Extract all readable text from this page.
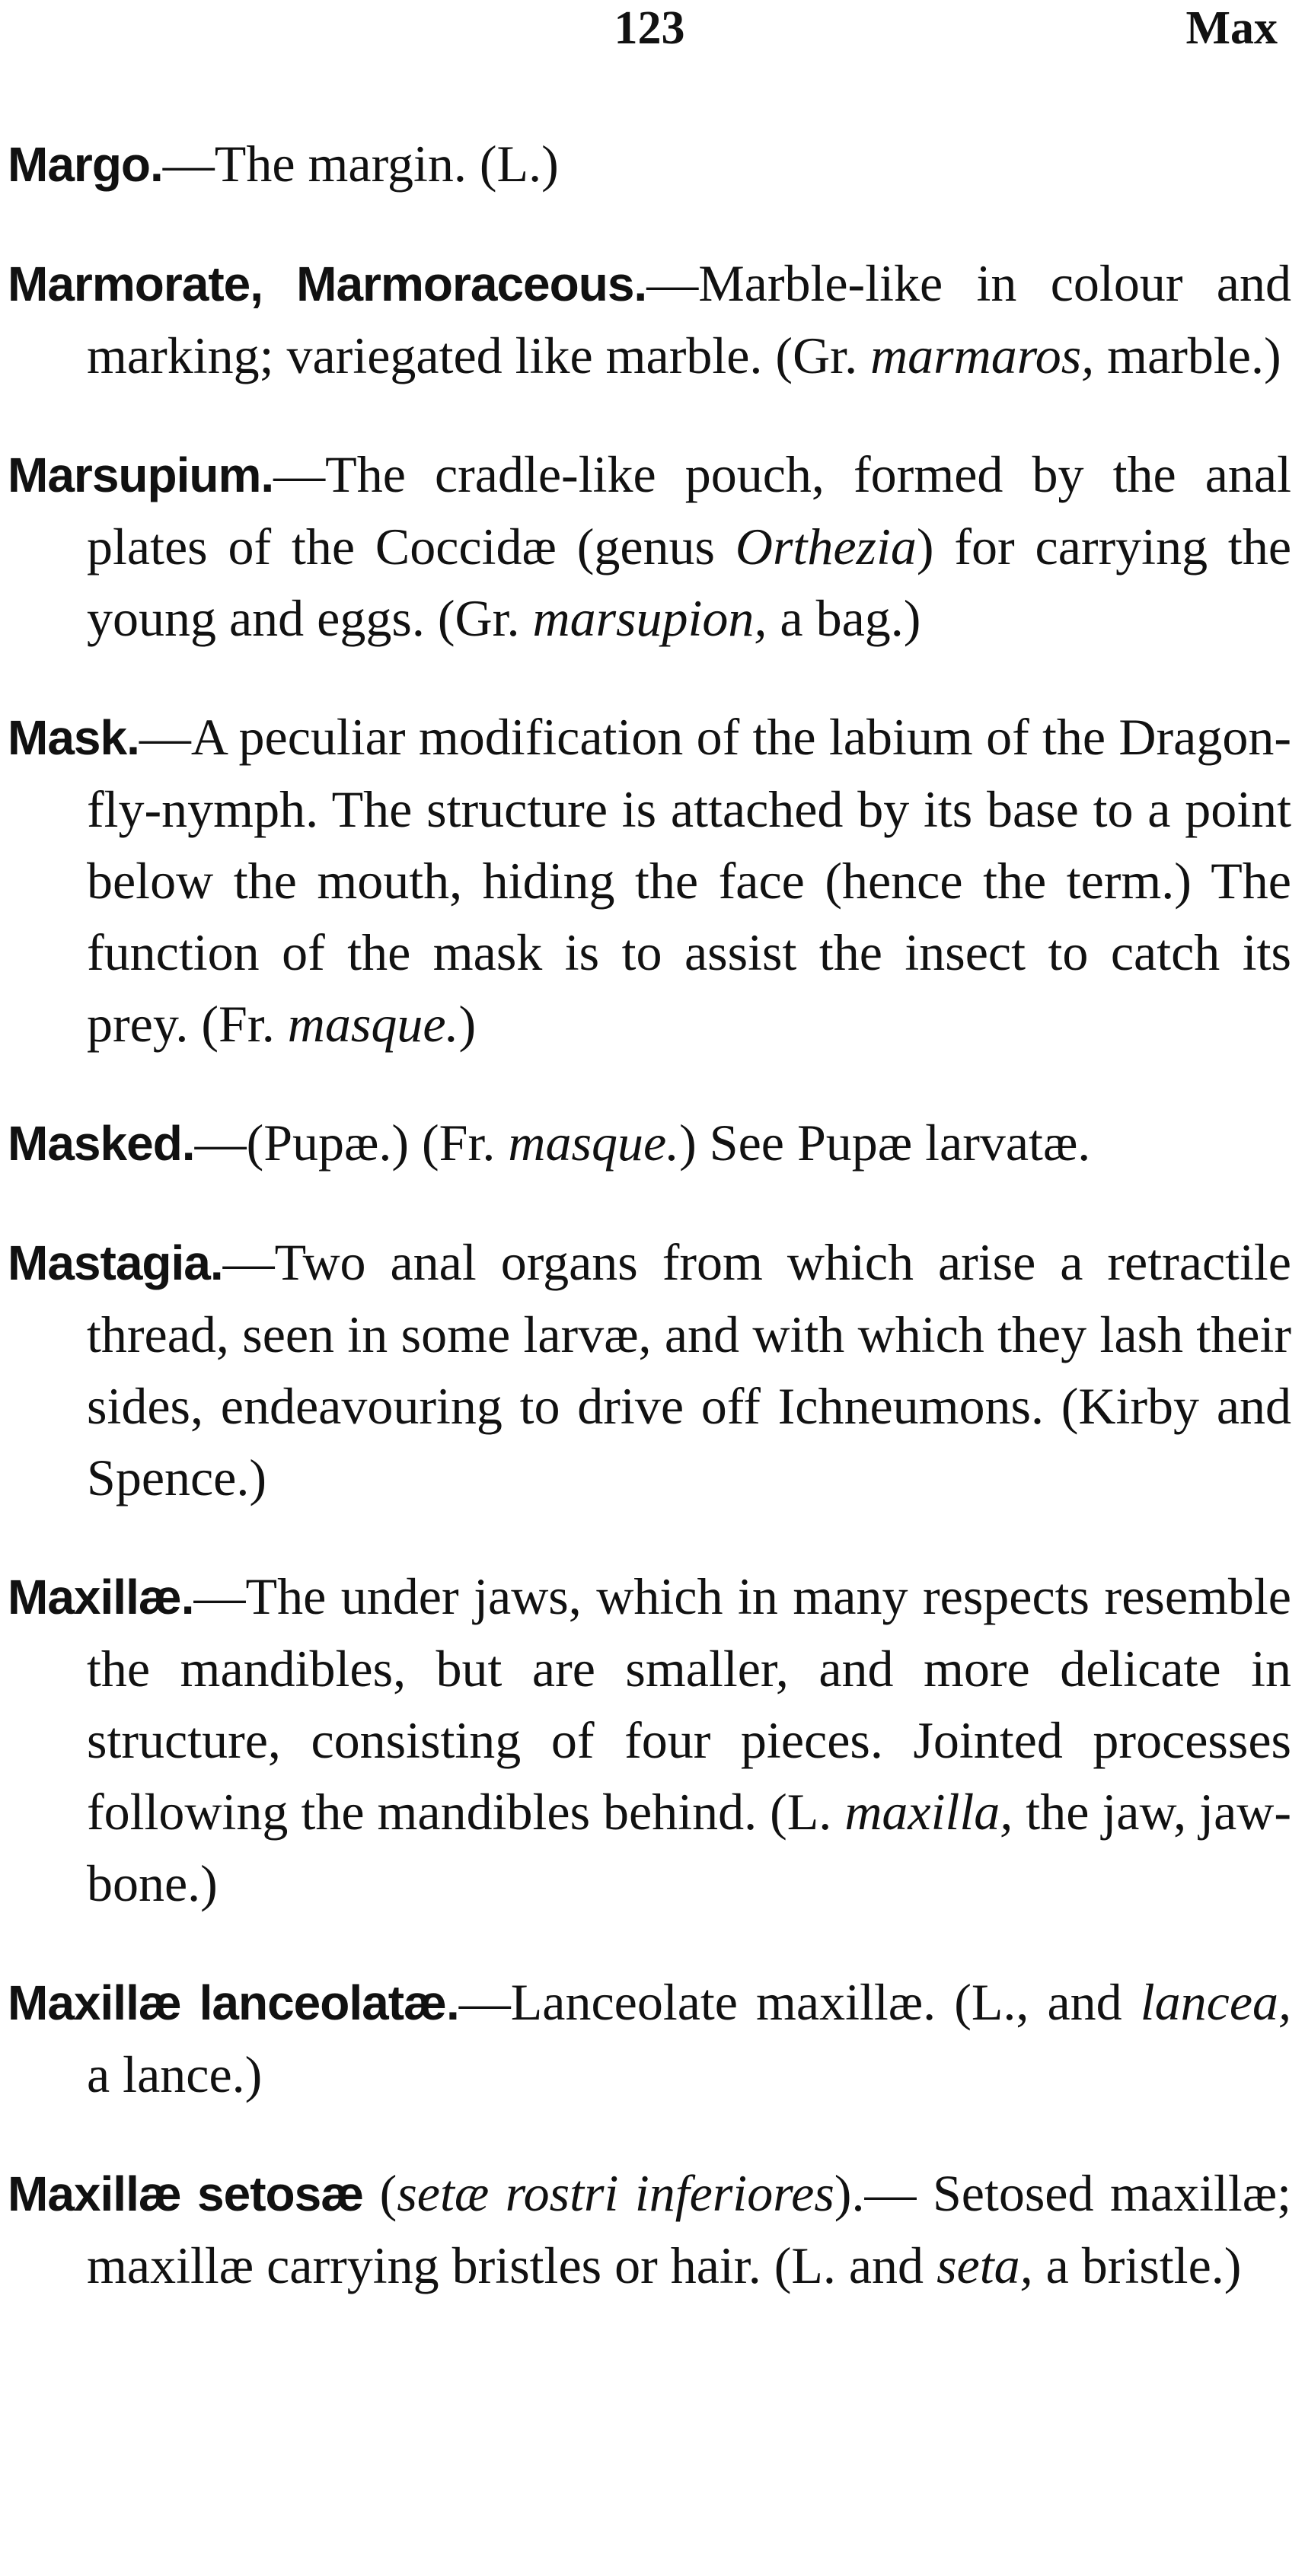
123	Max

Margo.—The margin. (L.)

Marmorate, Marmoraceous.—Marble-like in colour and marking; variegated like marble. (Gr. marmaros, marble.)

Marsupium.—The cradle-like pouch, formed by the anal plates of the Coccidæ (genus Orthezia) for carrying the young and eggs. (Gr. marsupion, a bag.)

Mask.—A peculiar modification of the labium of the Dragon-fly-nymph. The structure is attached by its base to a point below the mouth, hiding the face (hence the term.) The function of the mask is to assist the insect to catch its prey. (Fr. masque.)

Masked.—(Pupæ.) (Fr. masque.) See Pupæ larvatæ.

Mastagia.—Two anal organs from which arise a retractile thread, seen in some larvæ, and with which they lash their sides, endeavouring to drive off Ichneumons. (Kirby and Spence.)

Maxillæ.—The under jaws, which in many respects resemble the mandibles, but are smaller, and more delicate in structure, consisting of four pieces. Jointed processes following the mandibles behind. (L. maxilla, the jaw, jaw-bone.)

Maxillæ lanceolatæ.—Lanceolate maxillæ. (L., and lancea, a lance.)

Maxillæ setosæ (setæ rostri inferiores).— Setosed maxillæ; maxillæ carrying bristles or hair. (L. and seta, a bristle.)
